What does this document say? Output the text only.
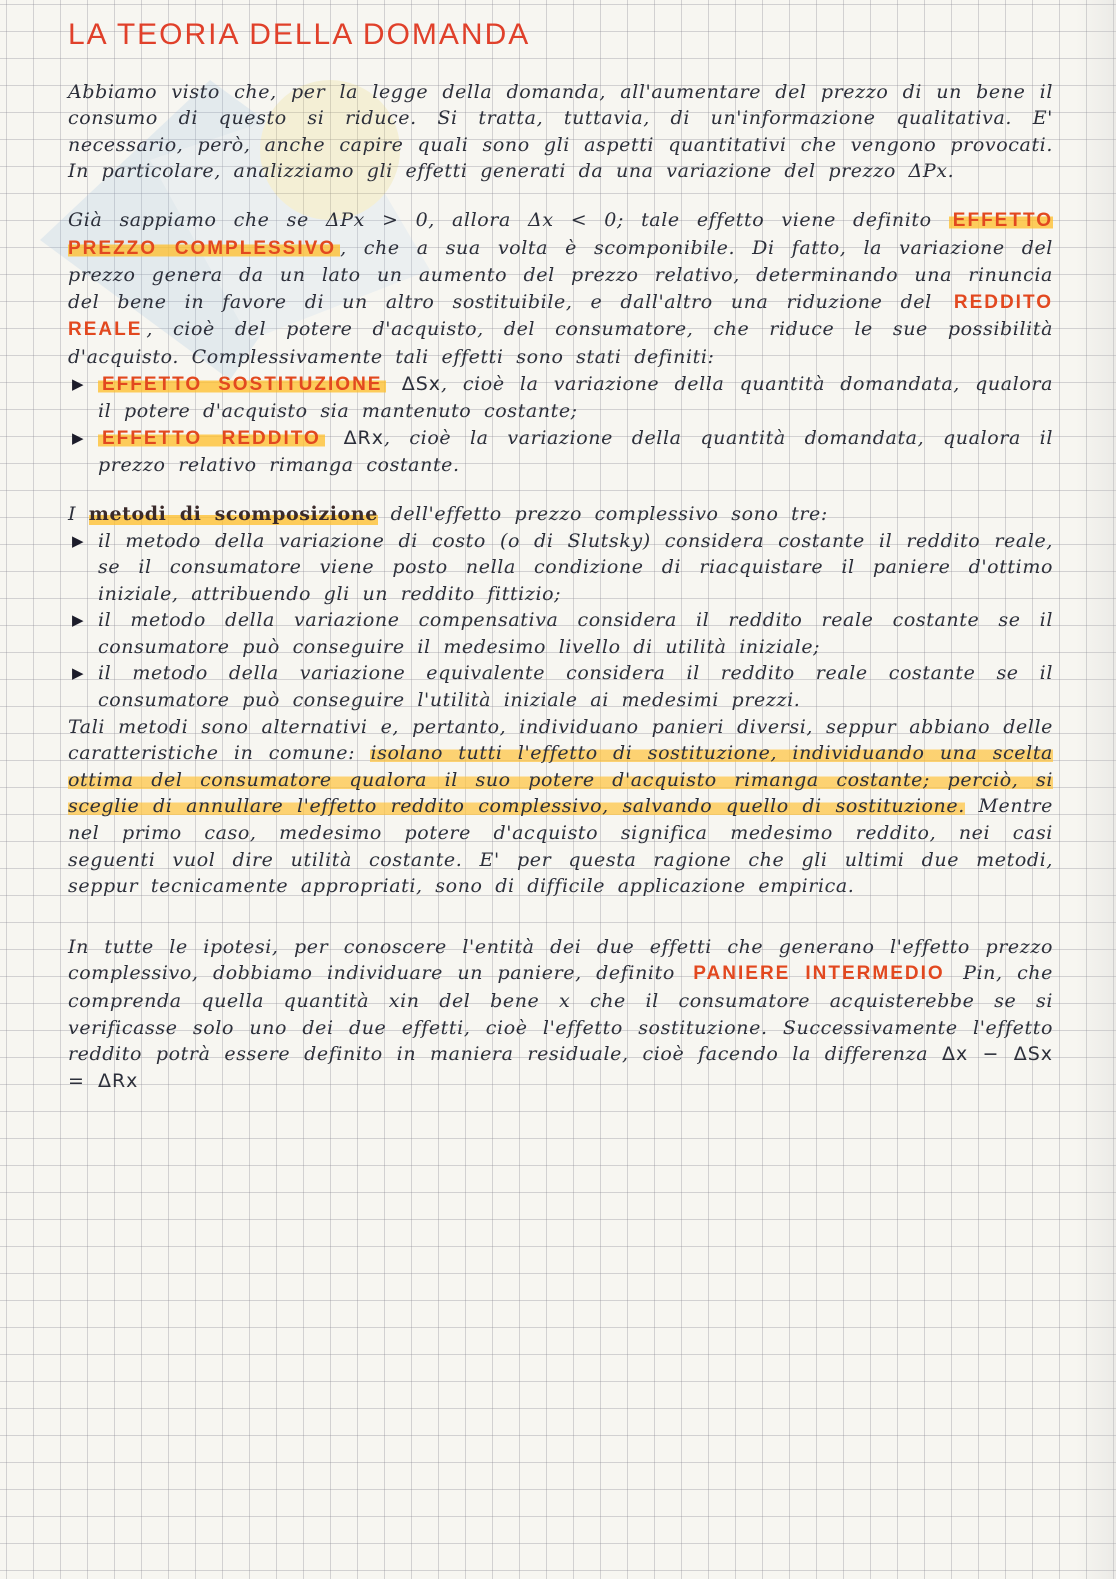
LA TEORIA DELLA DOMANDA

Abbiamo visto che, per la legge della domanda, all'aumentare del prezzo di un bene il consumo di questo si riduce. Si tratta, tuttavia, di un'informazione qualitativa. E' necessario, però, anche capire quali sono gli aspetti quantitativi che vengono provocati. In particolare, analizziamo gli effetti generati da una variazione del prezzo ΔPx.

Già sappiamo che se ΔPx > 0, allora Δx < 0; tale effetto viene definito EFFETTO PREZZO COMPLESSIVO , che a sua volta è scomponibile. Di fatto, la variazione del prezzo genera da un lato un aumento del prezzo relativo, determinando una rinuncia del bene in favore di un altro sostituibile, e dall'altro una riduzione del REDDITO REALE , cioè del potere d'acquisto, del consumatore, che riduce le sue possibilità d'acquisto. Complessivamente tali effetti sono stati definiti:

▶ EFFETTO SOSTITUZIONE ΔSx, cioè la variazione della quantità domandata, qualora il potere d'acquisto sia mantenuto costante;
▶ EFFETTO REDDITO ΔRx, cioè la variazione della quantità domandata, qualora il prezzo relativo rimanga costante.

I metodi di scomposizione dell'effetto prezzo complessivo sono tre:

▶ il metodo della variazione di costo (o di Slutsky) considera costante il reddito reale, se il consumatore viene posto nella condizione di riacquistare il paniere d'ottimo iniziale, attribuendo gli un reddito fittizio;
▶ il metodo della variazione compensativa considera il reddito reale costante se il consumatore può conseguire il medesimo livello di utilità iniziale;
▶ il metodo della variazione equivalente considera il reddito reale costante se il consumatore può conseguire l'utilità iniziale ai medesimi prezzi.

Tali metodi sono alternativi e, pertanto, individuano panieri diversi, seppur abbiano delle caratteristiche in comune: isolano tutti l'effetto di sostituzione, individuando una scelta ottima del consumatore qualora il suo potere d'acquisto rimanga costante; perciò, si sceglie di annullare l'effetto reddito complessivo, salvando quello di sostituzione. Mentre nel primo caso, medesimo potere d'acquisto significa medesimo reddito, nei casi seguenti vuol dire utilità costante. E' per questa ragione che gli ultimi due metodi, seppur tecnicamente appropriati, sono di difficile applicazione empirica.

In tutte le ipotesi, per conoscere l'entità dei due effetti che generano l'effetto prezzo complessivo, dobbiamo individuare un paniere, definito PANIERE INTERMEDIO Pin, che comprenda quella quantità xin del bene x che il consumatore acquisterebbe se si verificasse solo uno dei due effetti, cioè l'effetto sostituzione. Successivamente l'effetto reddito potrà essere definito in maniera residuale, cioè facendo la differenza Δx − ΔSx = ΔRx
